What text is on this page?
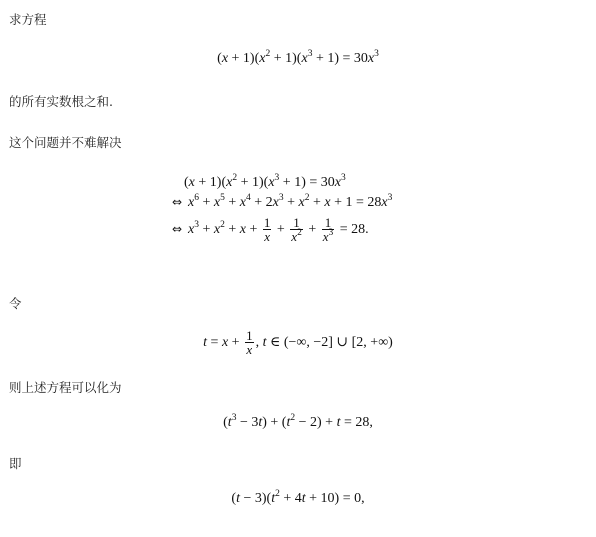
求方程
$(x + 1)(x^2 + 1)(x^3 + 1) = 30x^3$
的所有实数根之和.
这个问题并不难解决
$(x + 1)(x^2 + 1)(x^3 + 1) = 30x^3$
⇔ $x^6 + x^5 + x^4 + 2x^3 + x^2 + x + 1 = 28x^3$
⇔ $x^3 + x^2 + x + \frac{1}{x} + \frac{1}{x^2} + \frac{1}{x^3} = 28$.
令
$t = x + \frac{1}{x}$ , t ∈ (−∞, −2] ∪ [2, +∞)
则上述方程可以化为
$(t^3 - 3t) + (t^2 - 2) + t = 28$,
即
$(t - 3)(t^2 + 4t + 10) = 0$,
